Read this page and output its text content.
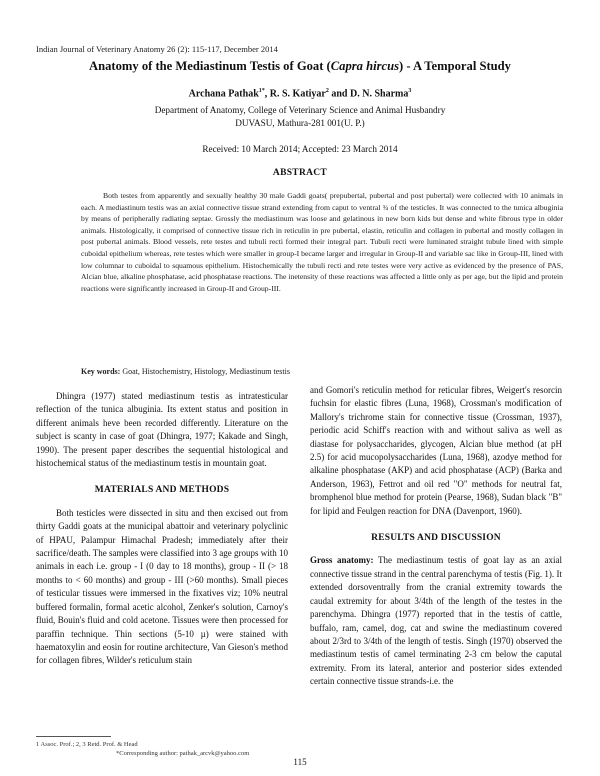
Indian Journal of Veterinary Anatomy 26 (2): 115-117, December 2014
Anatomy of the Mediastinum Testis of Goat (Capra hircus) - A Temporal Study
Archana Pathak$^{1*}$, R. S. Katiyar$^2$ and D. N. Sharma$^3$
Department of Anatomy, College of Veterinary Science and Animal Husbandry
DUVASU, Mathura-281 001(U. P.)
Received: 10 March 2014; Accepted: 23 March 2014
ABSTRACT

Both testes from apparently and sexually healthy 30 male Gaddi goats( prepubertal, pubertal and post pubertal) were collected with 10 animals in each. A mediastinum testis was an axial connective tissue strand extending from caput to ventral ¾ of the testicles. It was connected to the tunica albuginia by means of peripherally radiating septae. Grossly the mediastinum was loose and gelatinous in new born kids but dense and white fibrous type in older animals. Histologically, it comprised of connective tissue rich in reticulin in pre pubertal, elastin, reticulin and collagen in pubertal and mostly collagen in post pubertal animals. Blood vessels, rete testes and tubuli recti formed their integral part. Tubuli recti were luminated straight tubule lined with simple cuboidal epithelium whereas, rete testes which were smaller in group-I became larger and irregular in Group-II and variable sac like in Group-III, lined with low columnar to cuboidal to squamous epithelium. Histochemically the tubuli recti and rete testes were very active as evidenced by the presence of PAS, Alcian blue, alkaline phosphatase, acid phosphatase reactions. The inetensity of these reactions was affected a little only as per age, but the lipid and protein reactions were significantly increased in Group-II and Group-III.

Key words: Goat, Histochemistry, Histology, Mediastinum testis

Dhingra (1977) stated mediastinum testis as intratesticular reflection of the tunica albuginia. Its extent status and position in different animals heve been recorded differently. Literature on the subject is scanty in case of goat (Dhingra, 1977; Kakade and Singh, 1990). The present paper describes the sequential histological and histochemical status of the mediastinum testis in mountain goat.

MATERIALS AND METHODS

Both testicles were dissected in situ and then excised out from thirty Gaddi goats at the municipal abattoir and veterinary polyclinic of HPAU, Palampur Himachal Pradesh; immediately after their sacrifice/death. The samples were classified into 3 age groups with 10 animals in each i.e. group - I (0 day to 18 months), group - II (> 18 months to < 60 months) and group - III (>60 months). Small pieces of testicular tissues were immersed in the fixatives viz; 10% neutral buffered formalin, formal acetic alcohol, Zenker's solution, Carnoy's fluid, Bouin's fluid and cold acetone. Tissues were then processed for paraffin technique. Thin sections (5-10 µ) were stained with haematoxylin and eosin for routine architecture, Van Gieson's method for collagen fibres, Wilder's reticulum stain

and Gomori's reticulin method for reticular fibres, Weigert's resorcin fuchsin for elastic fibres (Luna, 1968), Crossman's modification of Mallory's trichrome stain for connective tissue (Crossman, 1937), periodic acid Schiff's reaction with and without saliva as well as diastase for polysaccharides, glycogen, Alcian blue method (at pH 2.5) for acid mucopolysaccharides (Luna, 1968), azodye method for alkaline phosphatase (AKP) and acid phosphatase (ACP) (Barka and Anderson, 1963), Fettrot and oil red "O" methods for neutral fat, bromphenol blue method for protein (Pearse, 1968), Sudan black "B" for lipid and Feulgen reaction for DNA (Davenport, 1960).

RESULTS AND DISCUSSION

Gross anatomy: The mediastinum testis of goat lay as an axial connective tissue strand in the central parenchyma of testis (Fig. 1). It extended dorsoventrally from the cranial extremity towards the caudal extremity for about 3/4th of the length of the testes in the parenchyma. Dhingra (1977) reported that in the testis of cattle, buffalo, ram, camel, dog, cat and swine the mediastinum covered about 2/3rd to 3/4th of the length of testis. Singh (1970) observed the mediastinum testis of camel terminating 2-3 cm below the caputal extremity. From its lateral, anterior and posterior sides extended certain connective tissue strands-i.e. the

1 Assoc. Prof.; 2, 3 Retd. Prof. & Head
*Corresponding author: pathak_arcvk@yahoo.com
115
